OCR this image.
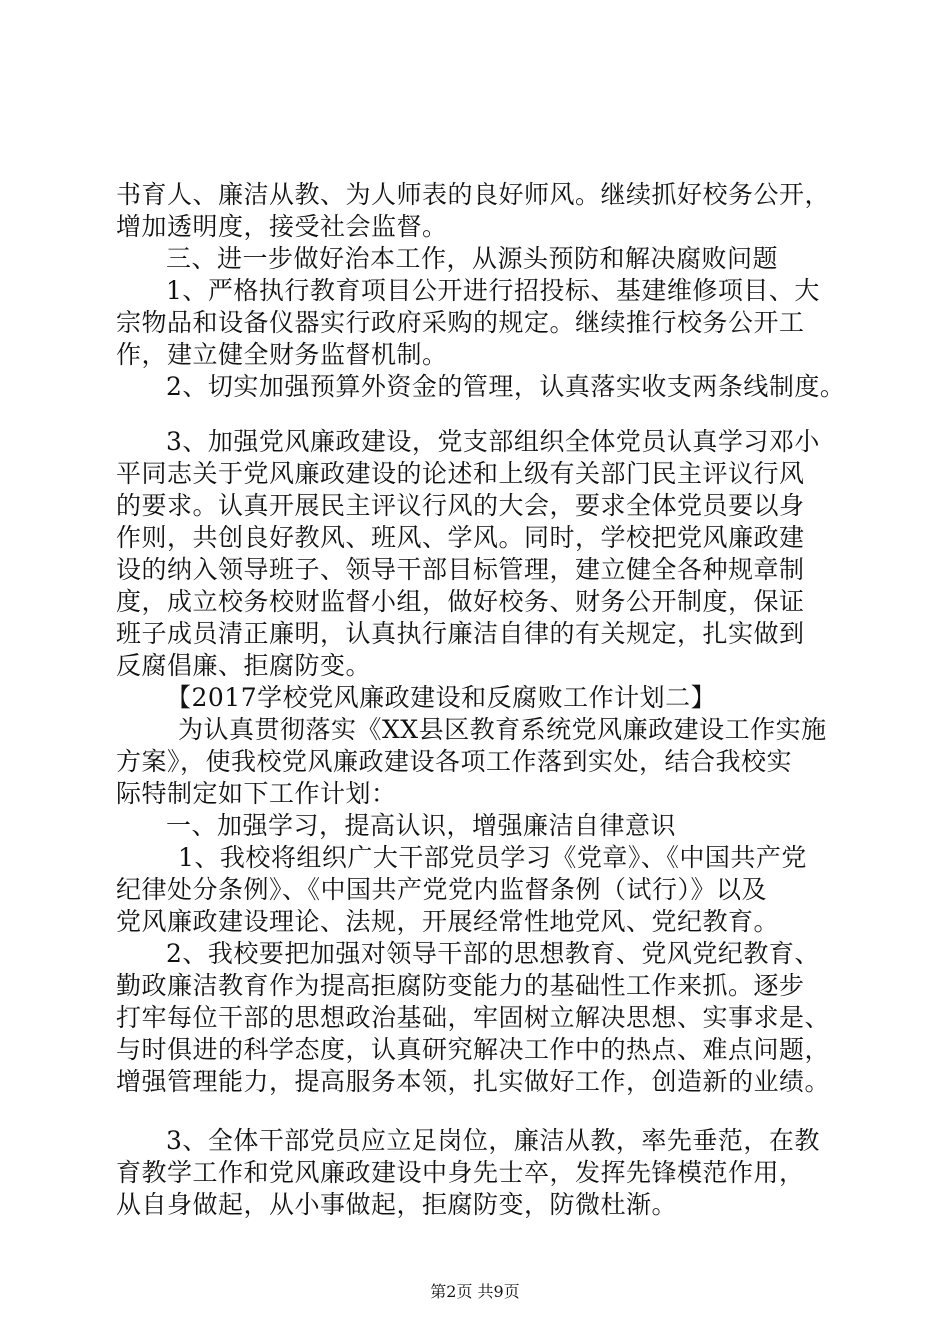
书育人、廉洁从教、为人师表的良好师风。继续抓好校务公开，
增加透明度，接受社会监督。
三、进一步做好治本工作，从源头预防和解决腐败问题
1、严格执行教育项目公开进行招投标、基建维修项目、大
宗物品和设备仪器实行政府采购的规定。继续推行校务公开工
作，建立健全财务监督机制。
2、切实加强预算外资金的管理，认真落实收支两条线制度。
3、加强党风廉政建设，党支部组织全体党员认真学习邓小
平同志关于党风廉政建设的论述和上级有关部门民主评议行风
的要求。认真开展民主评议行风的大会，要求全体党员要以身
作则，共创良好教风、班风、学风。同时，学校把党风廉政建
设的纳入领导班子、领导干部目标管理，建立健全各种规章制
度，成立校务校财监督小组，做好校务、财务公开制度，保证
班子成员清正廉明，认真执行廉洁自律的有关规定，扎实做到
反腐倡廉、拒腐防变。
【2017学校党风廉政建设和反腐败工作计划二】
为认真贯彻落实《XX县区教育系统党风廉政建设工作实施
方案》，使我校党风廉政建设各项工作落到实处，结合我校实
际特制定如下工作计划：
一、加强学习，提高认识，增强廉洁自律意识
1、我校将组织广大干部党员学习《党章》、《中国共产党
纪律处分条例》、《中国共产党党内监督条例（试行）》以及
党风廉政建设理论、法规，开展经常性地党风、党纪教育。
2、我校要把加强对领导干部的思想教育、党风党纪教育、
勤政廉洁教育作为提高拒腐防变能力的基础性工作来抓。逐步
打牢每位干部的思想政治基础，牢固树立解决思想、实事求是、
与时俱进的科学态度，认真研究解决工作中的热点、难点问题，
增强管理能力，提高服务本领，扎实做好工作，创造新的业绩。
3、全体干部党员应立足岗位，廉洁从教，率先垂范，在教
育教学工作和党风廉政建设中身先士卒，发挥先锋模范作用，
从自身做起，从小事做起，拒腐防变，防微杜渐。
第2页 共9页
